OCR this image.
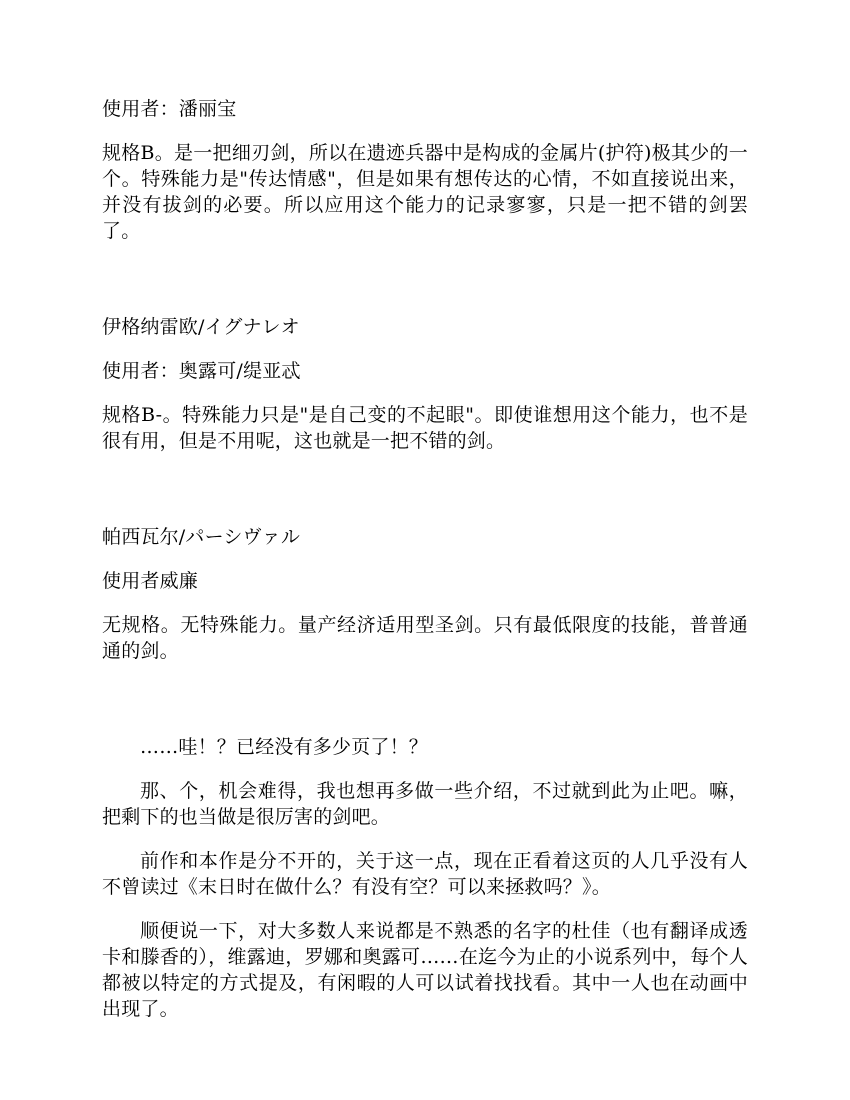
使用者：潘丽宝

规格B。是一把细刃剑，所以在遗迹兵器中是构成的金属片(护符)极其少的一个。特殊能力是"传达情感"，但是如果有想传达的心情，不如直接说出来，并没有拔剑的必要。所以应用这个能力的记录寥寥，只是一把不错的剑罢了。

伊格纳雷欧/イグナレオ

使用者：奥露可/缇亚忒

规格B-。特殊能力只是"是自己变的不起眼"。即使谁想用这个能力，也不是很有用，但是不用呢，这也就是一把不错的剑。

帕西瓦尔/パーシヴァル

使用者威廉

无规格。无特殊能力。量产经济适用型圣剑。只有最低限度的技能，普普通通的剑。

……哇！？已经没有多少页了！？

那、个，机会难得，我也想再多做一些介绍，不过就到此为止吧。嘛，把剩下的也当做是很厉害的剑吧。

前作和本作是分不开的，关于这一点，现在正看着这页的人几乎没有人不曾读过《末日时在做什么？有没有空？可以来拯救吗？》。

顺便说一下，对大多数人来说都是不熟悉的名字的杜佳（也有翻译成透卡和滕香的），维露迪，罗娜和奥露可……在迄今为止的小说系列中，每个人都被以特定的方式提及，有闲暇的人可以试着找找看。其中一人也在动画中出现了。
